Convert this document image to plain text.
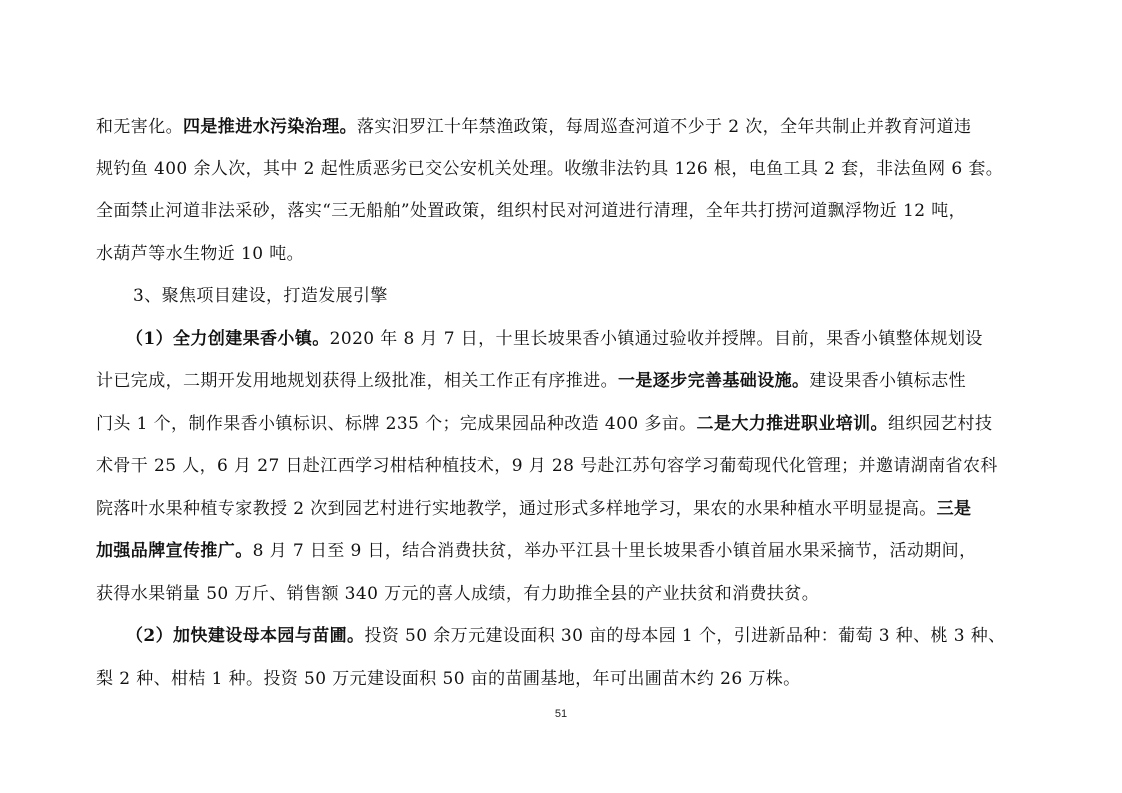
和无害化。四是推进水污染治理。落实汨罗江十年禁渔政策，每周巡查河道不少于 2 次，全年共制止并教育河道违
规钓鱼 400 余人次，其中 2 起性质恶劣已交公安机关处理。收缴非法钓具 126 根，电鱼工具 2 套，非法鱼网 6 套。
全面禁止河道非法采砂，落实“三无船舶”处置政策，组织村民对河道进行清理，全年共打捞河道飘浮物近 12 吨，
水葫芦等水生物近 10 吨。
3、聚焦项目建设，打造发展引擎
（1）全力创建果香小镇。2020 年 8 月 7 日，十里长坡果香小镇通过验收并授牌。目前，果香小镇整体规划设
计已完成，二期开发用地规划获得上级批准，相关工作正有序推进。一是逐步完善基础设施。建设果香小镇标志性
门头 1 个，制作果香小镇标识、标牌 235 个；完成果园品种改造 400 多亩。二是大力推进职业培训。组织园艺村技
术骨干 25 人，6 月 27 日赴江西学习柑桔种植技术，9 月 28 号赴江苏句容学习葡萄现代化管理；并邀请湖南省农科
院落叶水果种植专家教授 2 次到园艺村进行实地教学，通过形式多样地学习，果农的水果种植水平明显提高。三是
加强品牌宣传推广。8 月 7 日至 9 日，结合消费扶贫，举办平江县十里长坡果香小镇首届水果采摘节，活动期间，
获得水果销量 50 万斤、销售额 340 万元的喜人成绩，有力助推全县的产业扶贫和消费扶贫。
（2）加快建设母本园与苗圃。投资 50 余万元建设面积 30 亩的母本园 1 个，引进新品种：葡萄 3 种、桃 3 种、
梨 2 种、柑桔 1 种。投资 50 万元建设面积 50 亩的苗圃基地，年可出圃苗木约 26 万株。
51
